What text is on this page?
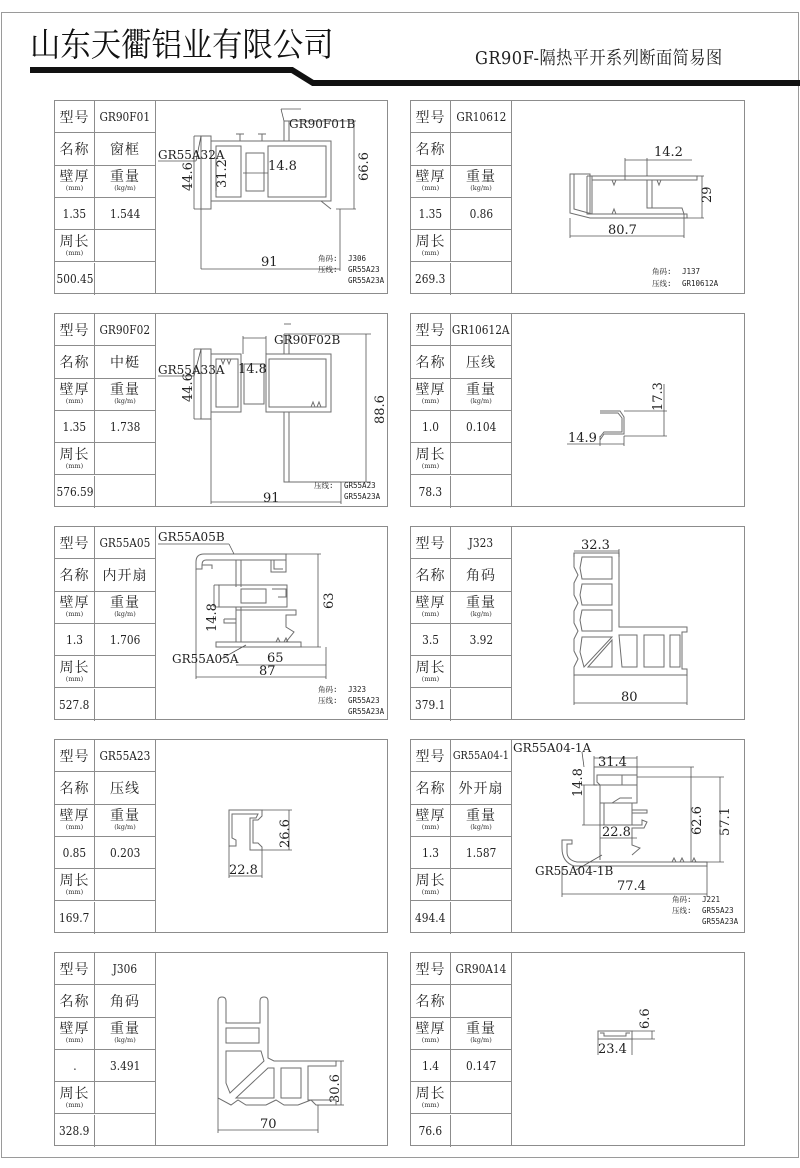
山东天衢铝业有限公司	GR90F-隔热平开系列断面简易图
型号 GR90F01
名称 窗框
壁厚
(mm)
重量
(kg/m)
1.35 1.544
周长
(mm)
500.45
GR90F01B
GR55A32A
91
66.6
44.6 31.2	14.8
角码: J306
压线: GR55A23
GR55A23A
型号 GR10612
名称
壁厚
(mm)
重量
(kg/m)
1.35 0.86
周长
(mm)
269.3
14.2
29
80.7
角码: J137
压线: GR10612A
型号 GR90F02
名称 中梃
壁厚
(mm)
重量
(kg/m)
1.35 1.738
周长
(mm)
576.59
GR90F02B
GR55A33A 14.8
44.6
88.6
91
压线: GR55A23
GR55A23A
型号 GR10612A
名称 压线
壁厚
(mm)
重量
(kg/m)
1.0 0.104
周长
(mm)
78.3
17.3
14.9
型号 GR55A05
名称 内开扇
壁厚
(mm)
重量
(kg/m)
1.3 1.706
周长
(mm)
527.8
GR55A05B
GR55A05A
14.8
63
65
87
角码: J323
压线: GR55A23
GR55A23A
型号 J323
名称 角码
壁厚
(mm)
重量
(kg/m)
3.5	3.92
周长
(mm)
379.1
32.3
80
型号 GR55A23
名称 压线
壁厚
(mm)
重量
(kg/m)
0.85 0.203
周长
(mm)
169.7
26.6
22.8
型号 GR55A04-1
名称 外开扇
壁厚
(mm)
重量
(kg/m)
1.3 1.587
周长
(mm)
494.4
GR55A04-1A
GR55A04-1B
31.4
14.8
22.8	62.6 57.1
77.4
角码: J221
压线: GR55A23
GR55A23A
型号 J306
名称 角码
壁厚
(mm)
重量
(kg/m)
.	3.491
周长
(mm)
328.9
30.6
70
型号 GR90A14
名称
壁厚
(mm)
重量
(kg/m)
1.4 0.147
周长
(mm)
76.6
6.6
23.4
